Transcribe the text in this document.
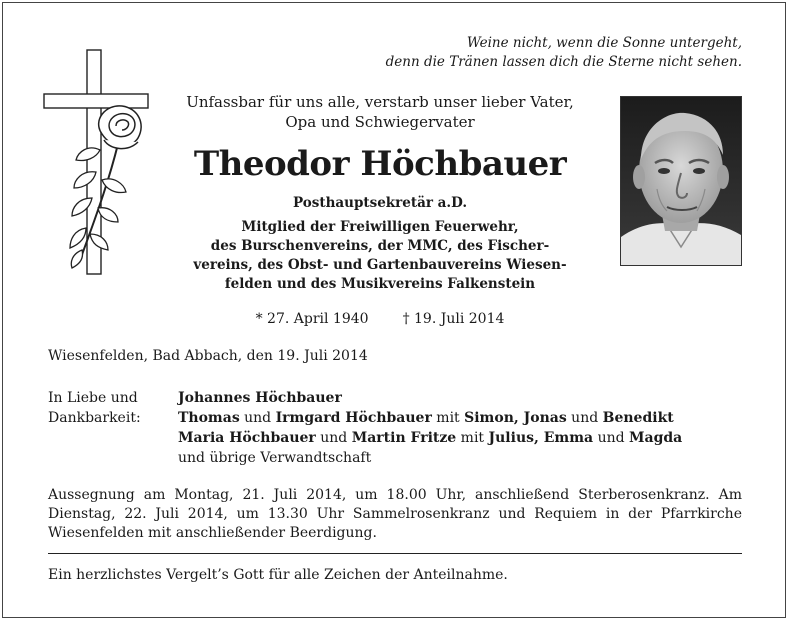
Weine nicht, wenn die Sonne untergeht,
denn die Tränen lassen dich die Sterne nicht sehen.
Unfassbar für uns alle, verstarb unser lieber Vater,
Opa und Schwiegervater
Theodor Höchbauer
Posthauptsekretär a.D.
Mitglied der Freiwilligen Feuerwehr,
des Burschenvereins, der MMC, des Fischer-
vereins, des Obst- und Gartenbauvereins Wiesen-
felden und des Musikvereins Falkenstein
* 27. April 1940 † 19. Juli 2014
Wiesenfelden, Bad Abbach, den 19. Juli 2014
In Liebe und
Dankbarkeit:
Johannes Höchbauer
Thomas und Irmgard Höchbauer mit Simon, Jonas und Benedikt
Maria Höchbauer und Martin Fritze mit Julius, Emma und Magda
und übrige Verwandtschaft
Aussegnung am Montag, 21. Juli 2014, um 18.00 Uhr, anschließend Sterberosenkranz. Am Dienstag, 22. Juli 2014, um 13.30 Uhr Sammelrosenkranz und Requiem in der Pfarrkirche Wiesenfelden mit anschließender Beerdigung.
Ein herzlichstes Vergelt’s Gott für alle Zeichen der Anteilnahme.
